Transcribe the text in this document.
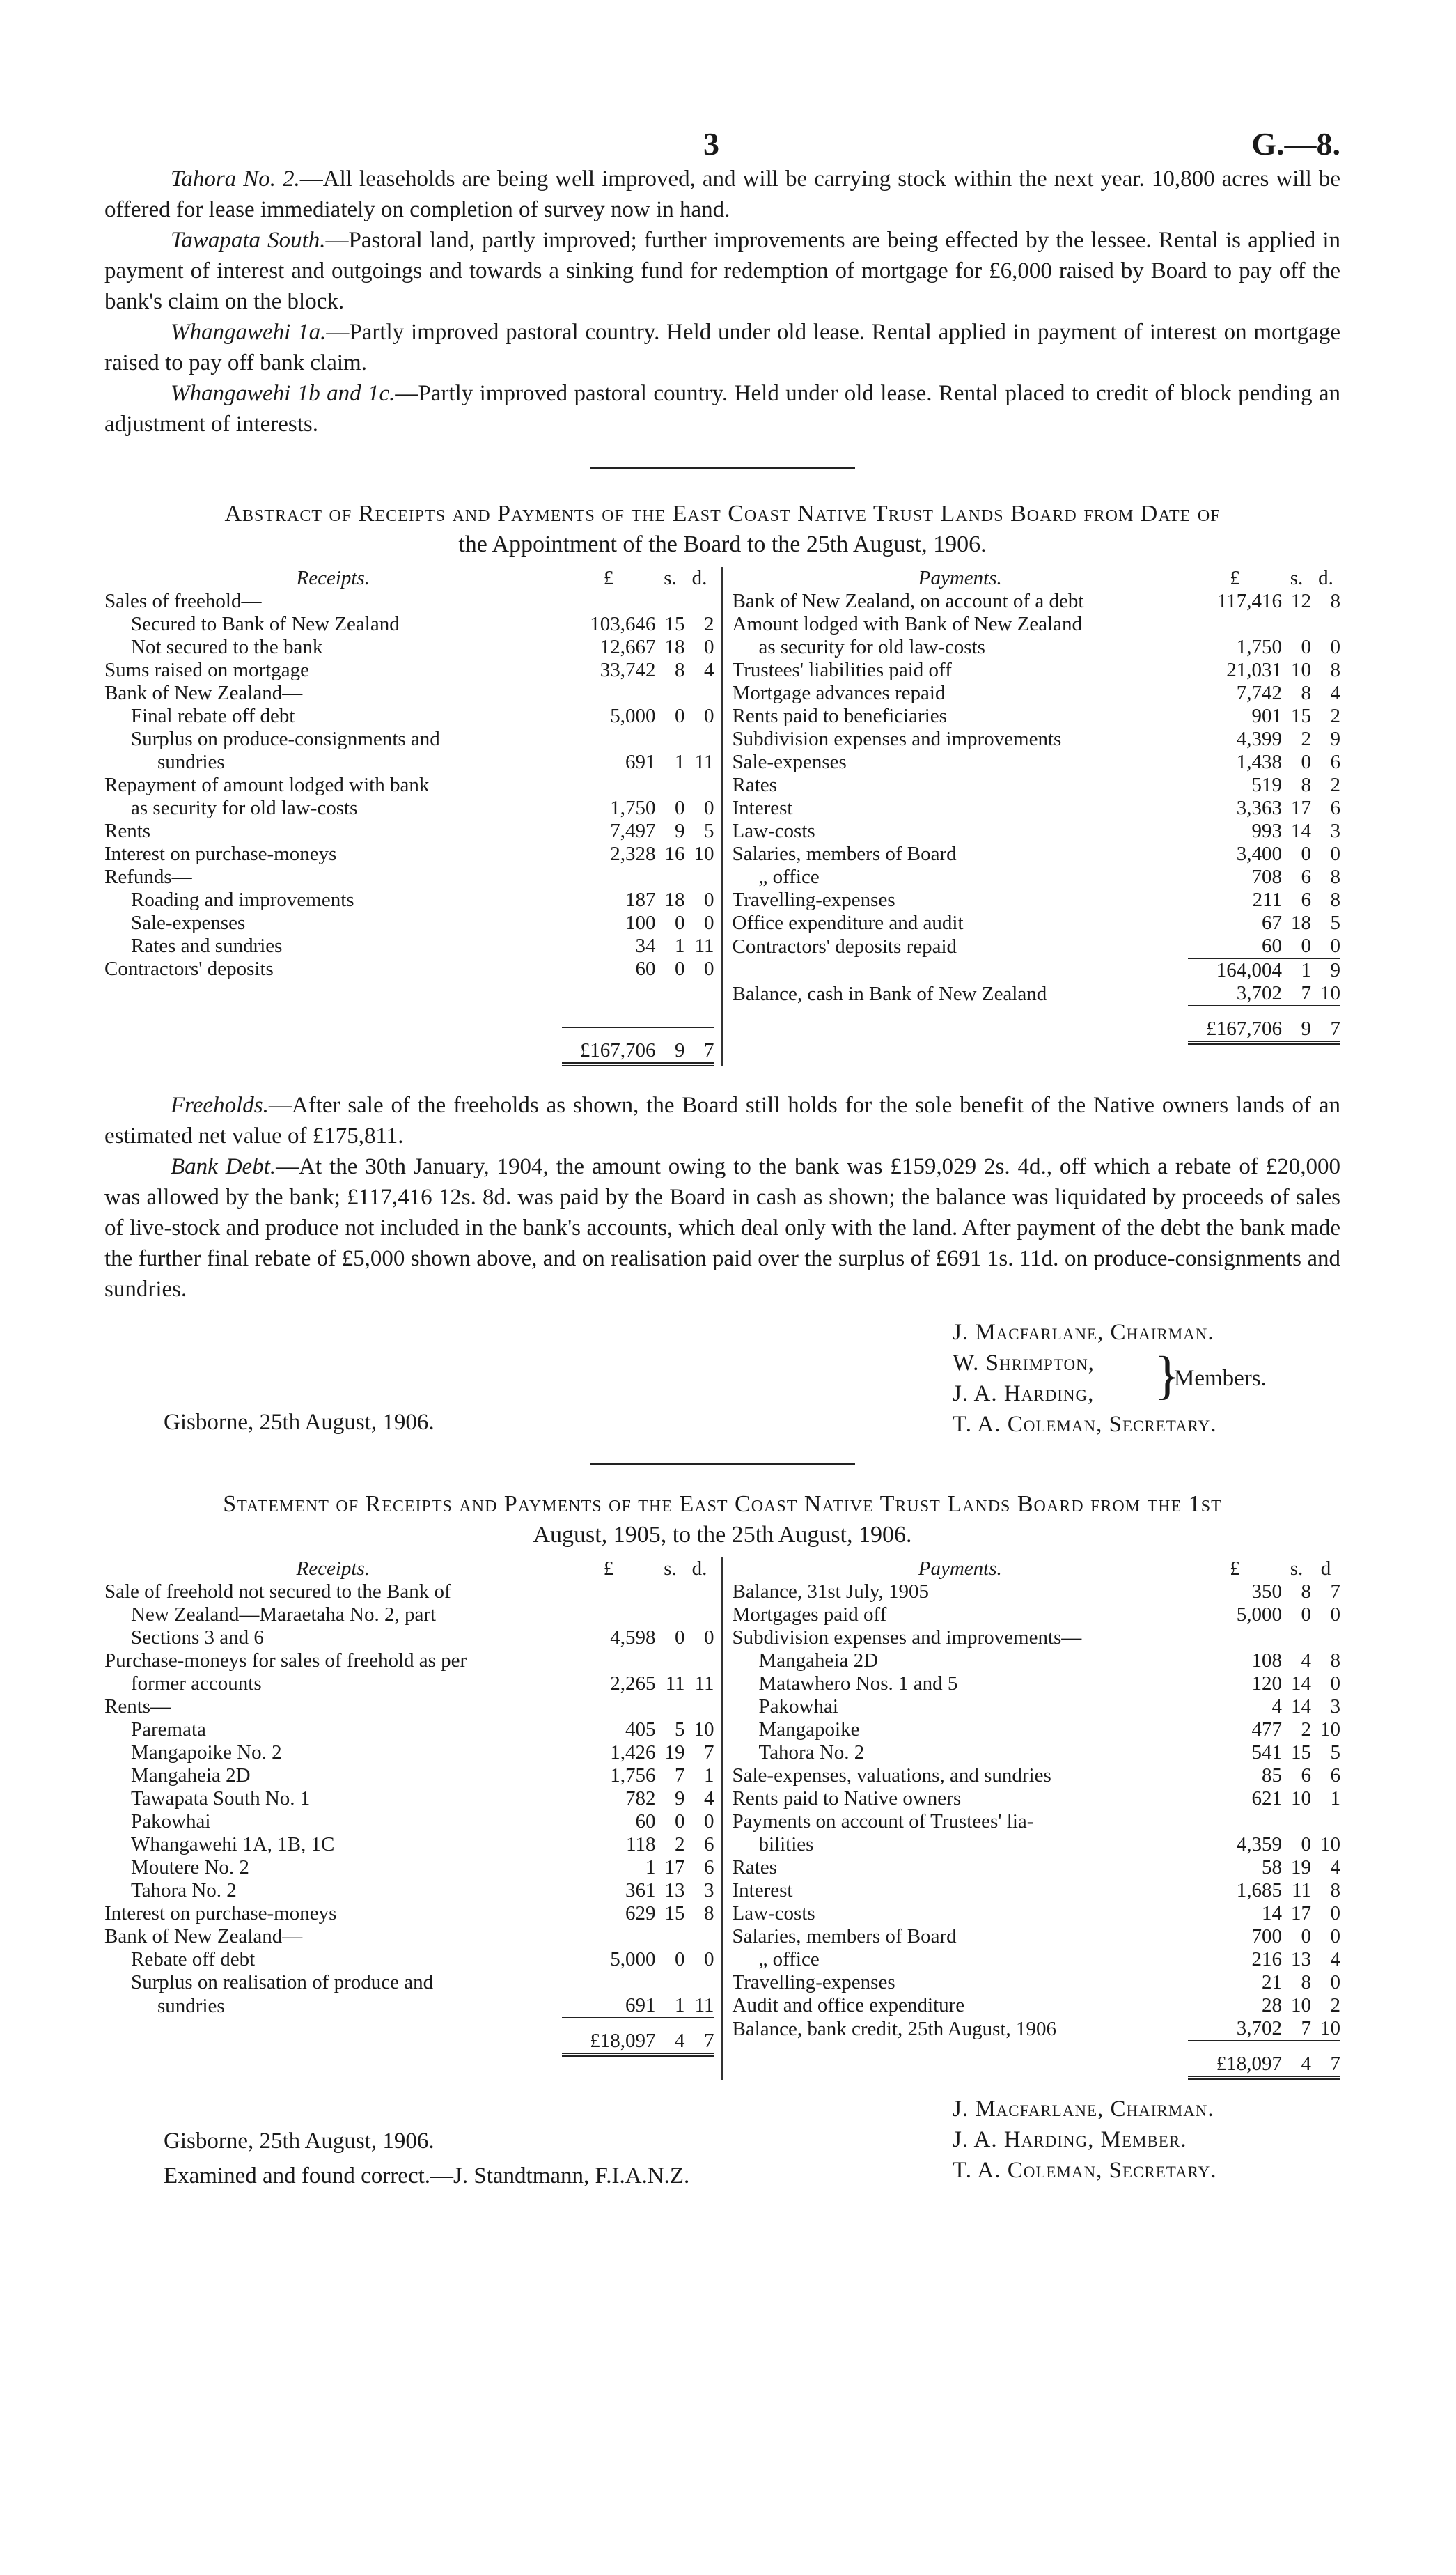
3	G.—8.

Tahora No. 2.—All leaseholds are being well improved, and will be carrying stock within the next year. 10,800 acres will be offered for lease immediately on completion of survey now in hand.

Tawapata South.—Pastoral land, partly improved; further improvements are being effected by the lessee. Rental is applied in payment of interest and outgoings and towards a sinking fund for redemption of mortgage for £6,000 raised by Board to pay off the bank's claim on the block.

Whangawehi 1a.—Partly improved pastoral country. Held under old lease. Rental applied in payment of interest on mortgage raised to pay off bank claim.

Whangawehi 1b and 1c.—Partly improved pastoral country. Held under old lease. Rental placed to credit of block pending an adjustment of interests.

Abstract of Receipts and Payments of the East Coast Native Trust Lands Board from Date of
the Appointment of the Board to the 25th August, 1906.

Receipts.	£	s.	d.
Sales of freehold—			
Secured to Bank of New Zealand	103,646	15	2
Not secured to the bank	12,667	18	0
Sums raised on mortgage	33,742	8	4
Bank of New Zealand—			
Final rebate off debt	5,000	0	0
Surplus on produce-consignments and			
sundries	691	1	11
Repayment of amount lodged with bank			
as security for old law-costs	1,750	0	0
Rents	7,497	9	5
Interest on purchase-moneys	2,328	16	10
Refunds—			
Roading and improvements	187	18	0
Sale-expenses	100	0	0
Rates and sundries	34	1	11
Contractors' deposits	60	0	0

	£167,706	9	7
Payments.	£	s.	d.
Bank of New Zealand, on account of a debt	117,416	12	8
Amount lodged with Bank of New Zealand			
as security for old law-costs	1,750	0	0
Trustees' liabilities paid off	21,031	10	8
Mortgage advances repaid	7,742	8	4
Rents paid to beneficiaries	901	15	2
Subdivision expenses and improvements	4,399	2	9
Sale-expenses	1,438	0	6
Rates	519	8	2
Interest	3,363	17	6
Law-costs	993	14	3
Salaries, members of Board	3,400	0	0
„ office	708	6	8
Travelling-expenses	211	6	8
Office expenditure and audit	67	18	5
Contractors' deposits repaid	60	0	0
	164,004	1	9
Balance, cash in Bank of New Zealand	3,702	7	10
	£167,706	9	7

Freeholds.—After sale of the freeholds as shown, the Board still holds for the sole benefit of the Native owners lands of an estimated net value of £175,811.

Bank Debt.—At the 30th January, 1904, the amount owing to the bank was £159,029 2s. 4d., off which a rebate of £20,000 was allowed by the bank; £117,416 12s. 8d. was paid by the Board in cash as shown; the balance was liquidated by proceeds of sales of live-stock and produce not included in the bank's accounts, which deal only with the land. After payment of the debt the bank made the further final rebate of £5,000 shown above, and on realisation paid over the surplus of £691 1s. 11d. on produce-consignments and sundries.

Gisborne, 25th August, 1906.
J. Macfarlane, Chairman.
W. Shrimpton,
J. A. Harding,	}
Members.
T. A. Coleman, Secretary.

Statement of Receipts and Payments of the East Coast Native Trust Lands Board from the 1st
August, 1905, to the 25th August, 1906.

Receipts.	£	s.	d.
Sale of freehold not secured to the Bank of			
New Zealand—Maraetaha No. 2, part			
Sections 3 and 6	4,598	0	0
Purchase-moneys for sales of freehold as per			
former accounts	2,265	11	11
Rents—			
Paremata	405	5	10
Mangapoike No. 2	1,426	19	7
Mangaheia 2D	1,756	7	1
Tawapata South No. 1	782	9	4
Pakowhai	60	0	0
Whangawehi 1A, 1B, 1C	118	2	6
Moutere No. 2	1	17	6
Tahora No. 2	361	13	3
Interest on purchase-moneys	629	15	8
Bank of New Zealand—			
Rebate off debt	5,000	0	0
Surplus on realisation of produce and			
sundries	691	1	11
	£18,097	4	7
Payments.	£	s.	d
Balance, 31st July, 1905	350	8	7
Mortgages paid off	5,000	0	0
Subdivision expenses and improvements—			
Mangaheia 2D	108	4	8
Matawhero Nos. 1 and 5	120	14	0
Pakowhai	4	14	3
Mangapoike	477	2	10
Tahora No. 2	541	15	5
Sale-expenses, valuations, and sundries	85	6	6
Rents paid to Native owners	621	10	1
Payments on account of Trustees' lia-			
bilities	4,359	0	10
Rates	58	19	4
Interest	1,685	11	8
Law-costs	14	17	0
Salaries, members of Board	700	0	0
„ office	216	13	4
Travelling-expenses	21	8	0
Audit and office expenditure	28	10	2
Balance, bank credit, 25th August, 1906	3,702	7	10
	£18,097	4	7
Gisborne, 25th August, 1906.
Examined and found correct.—J. Standtmann, F.I.A.N.Z.
J. Macfarlane, Chairman.
J. A. Harding, Member.
T. A. Coleman, Secretary.
